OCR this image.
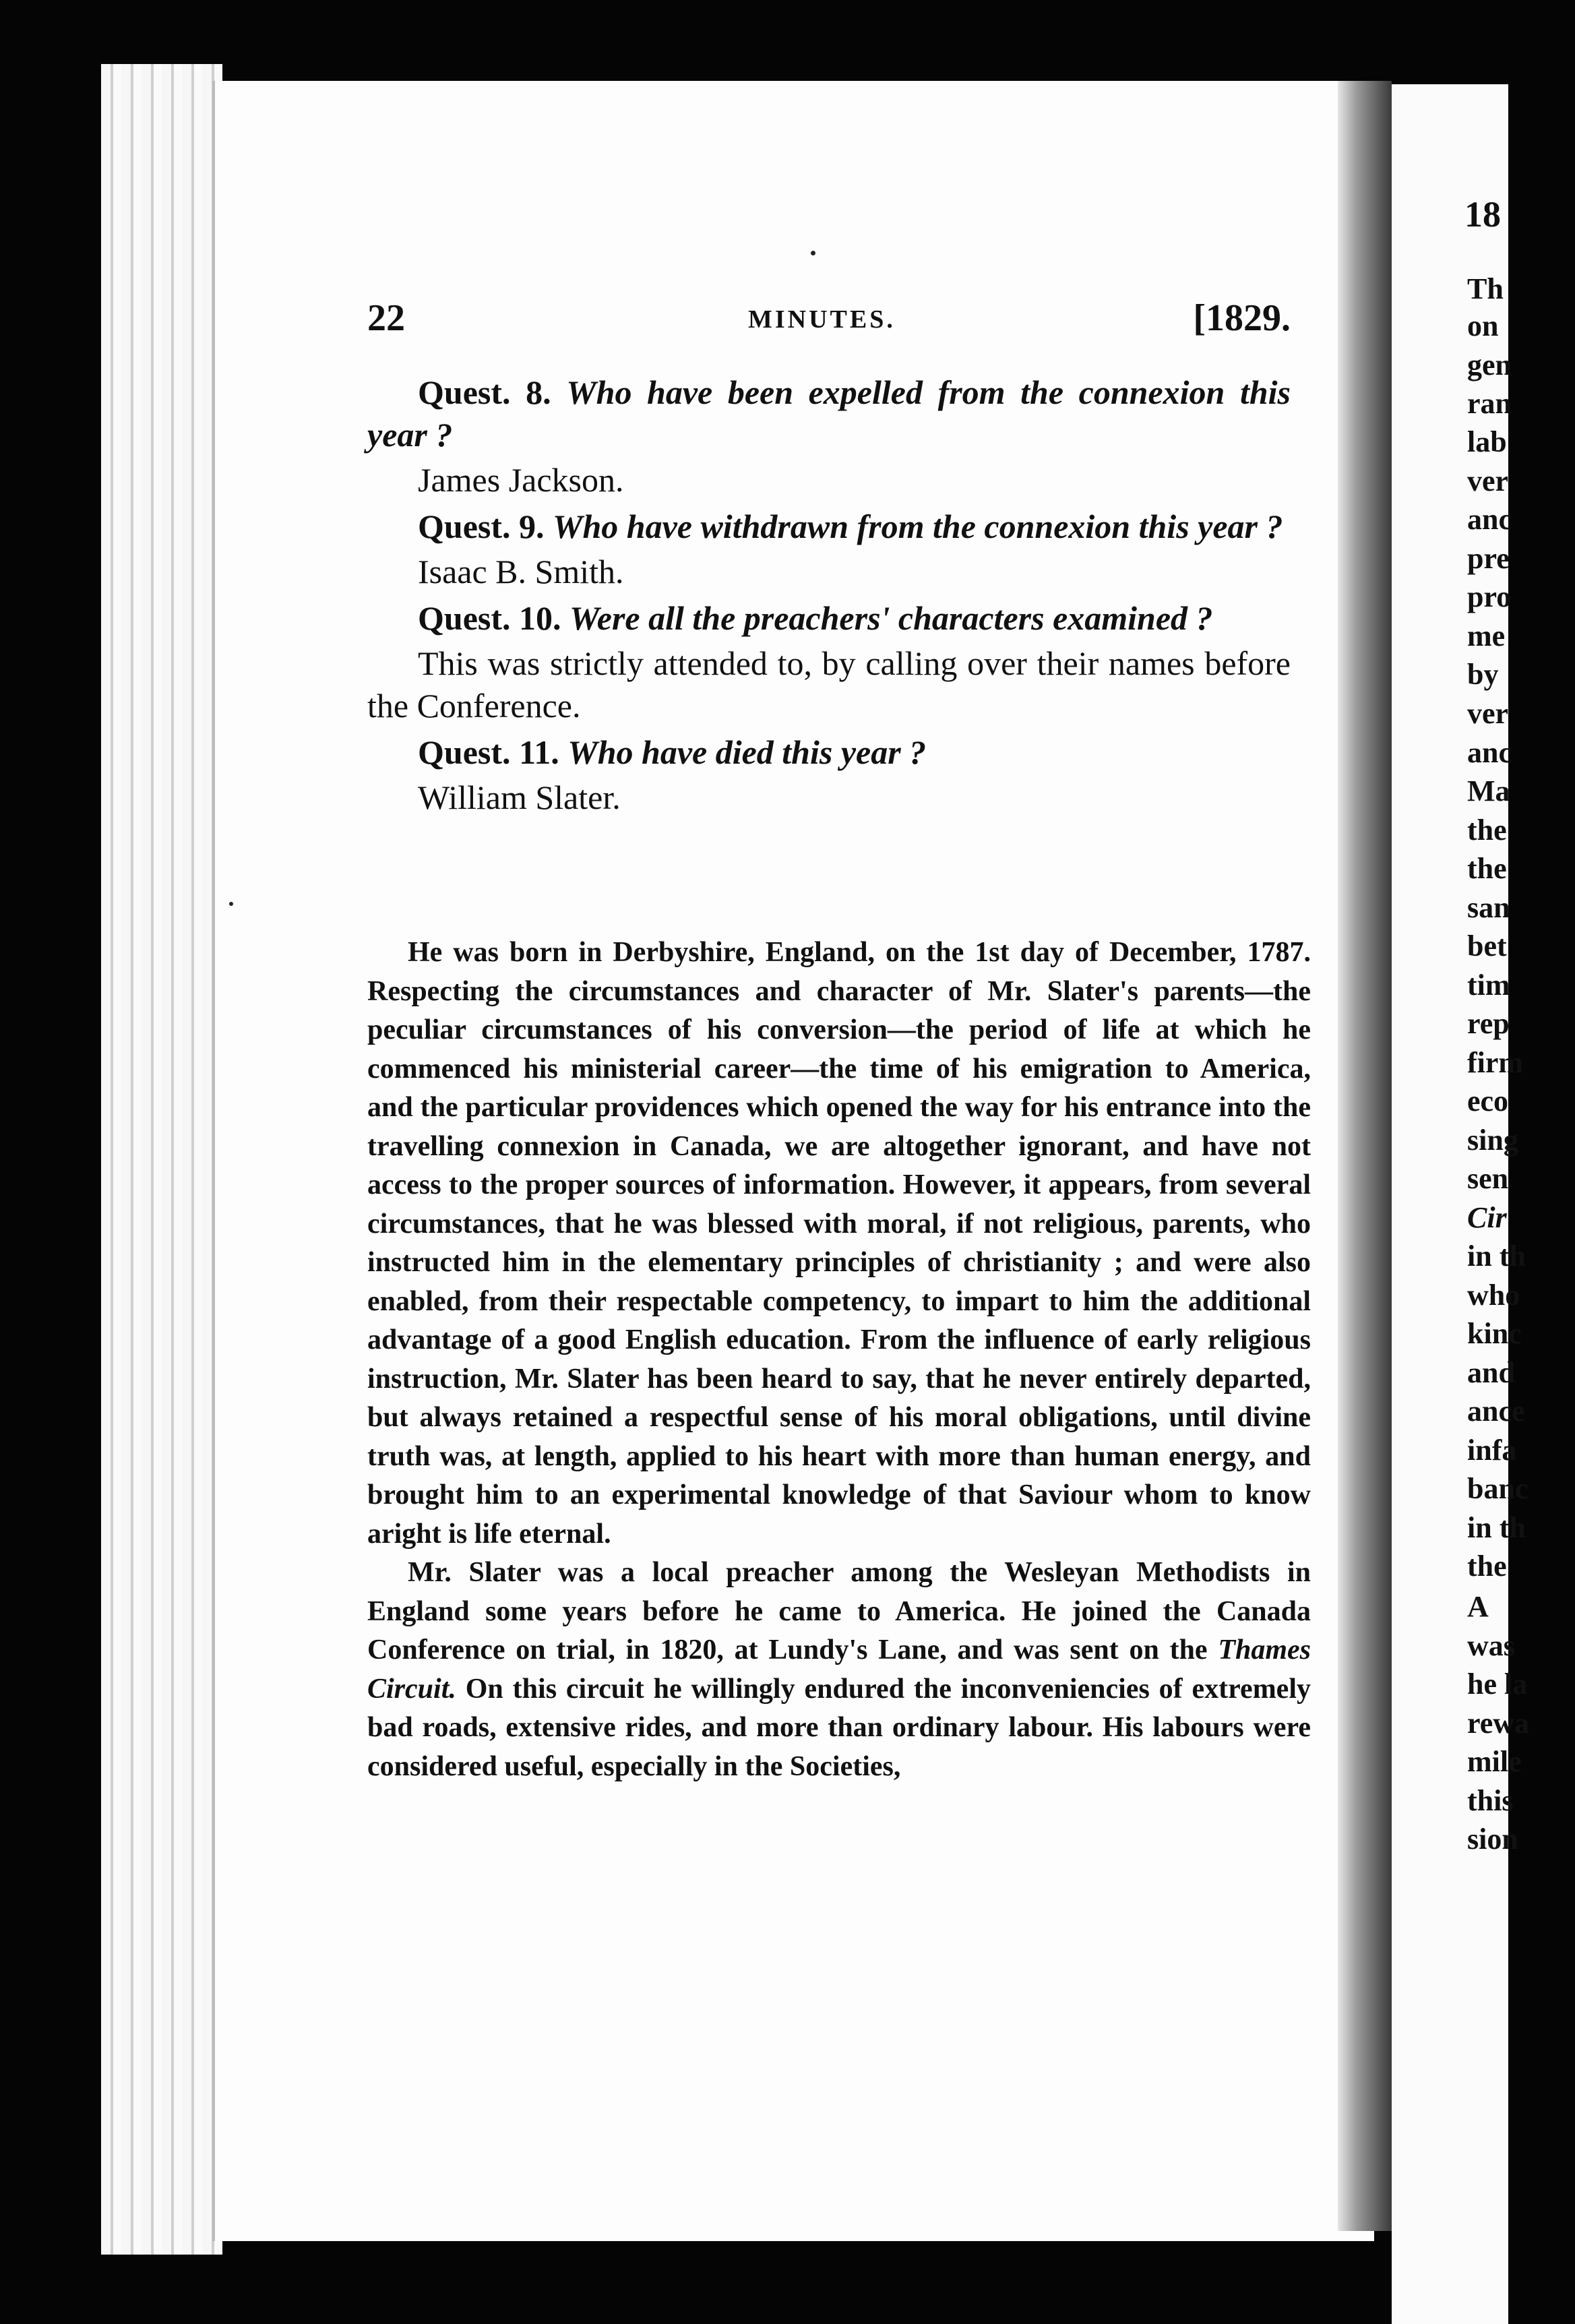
18
Th
on
gen
ran
lab
ver
anc
pre
pro
me
by
ver
anc
Ma
the
the
san
bet
tim
rep
firm
eco
sing
sen
Cir
in th
who
kinc
and
ance
infa
banc
in th
the
A
was
he la
rewa
mile
this
sion
22	MINUTES.	[1829.

Quest. 8. Who have been expelled from the connexion this year ?

James Jackson.

Quest. 9. Who have withdrawn from the connexion this year ?

Isaac B. Smith.

Quest. 10. Were all the preachers' characters examined ?

This was strictly attended to, by calling over their names before the Conference.

Quest. 11. Who have died this year ?

William Slater.

He was born in Derbyshire, England, on the 1st day of December, 1787. Respecting the circumstances and character of Mr. Slater's parents—the peculiar circumstances of his conversion—the period of life at which he commenced his ministerial career—the time of his emigration to America, and the particular providences which opened the way for his entrance into the travelling connexion in Canada, we are altogether ignorant, and have not access to the proper sources of information. However, it appears, from several circumstances, that he was blessed with moral, if not religious, parents, who instructed him in the elementary principles of christianity ; and were also enabled, from their respectable competency, to impart to him the additional advantage of a good English education. From the influence of early religious instruction, Mr. Slater has been heard to say, that he never entirely departed, but always retained a respectful sense of his moral obligations, until divine truth was, at length, applied to his heart with more than human energy, and brought him to an experimental knowledge of that Saviour whom to know aright is life eternal.

Mr. Slater was a local preacher among the Wesleyan Methodists in England some years before he came to America. He joined the Canada Conference on trial, in 1820, at Lundy's Lane, and was sent on the Thames Circuit. On this circuit he willingly endured the inconveniencies of extremely bad roads, extensive rides, and more than ordinary labour. His labours were considered useful, especially in the Societies,
